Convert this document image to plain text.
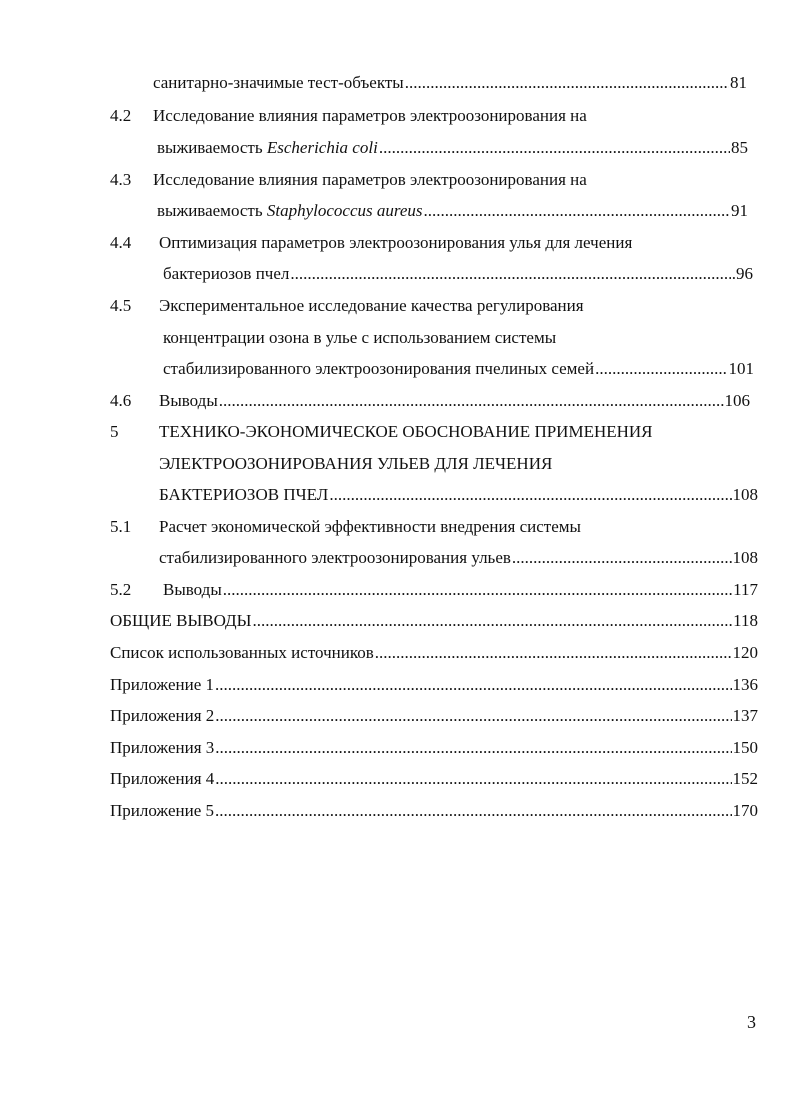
санитарно-значимые тест-объекты .....	81
4.2 Исследование влияния параметров электроозонирования на
выживаемость Escherichia coli .....	85
4.3 Исследование влияния параметров электроозонирования на
выживаемость Staphylococcus aureus .....	91
4.4 Оптимизация параметров электроозонирования улья для лечения
бактериозов пчел .....	.96
4.5 Экспериментальное исследование качества регулирования
концентрации озона в улье с использованием системы
стабилизированного электроозонирования пчелиных семей .....	101
4.6 Выводы .....	106
5 ТЕХНИКО-ЭКОНОМИЧЕСКОЕ ОБОСНОВАНИЕ ПРИМЕНЕНИЯ
ЭЛЕКТРООЗОНИРОВАНИЯ УЛЬЕВ ДЛЯ ЛЕЧЕНИЯ
БАКТЕРИОЗОВ ПЧЕЛ .....	108
5.1 Расчет экономической эффективности внедрения системы
стабилизированного электроозонирования ульев .....	108
5.2 Выводы .....	117
ОБЩИЕ ВЫВОДЫ .....	118
Список использованных источников .....	120
Приложение 1 .....	136
Приложения 2 .....	137
Приложения 3 .....	150
Приложения 4 .....	152
Приложение 5 .....	170
3
